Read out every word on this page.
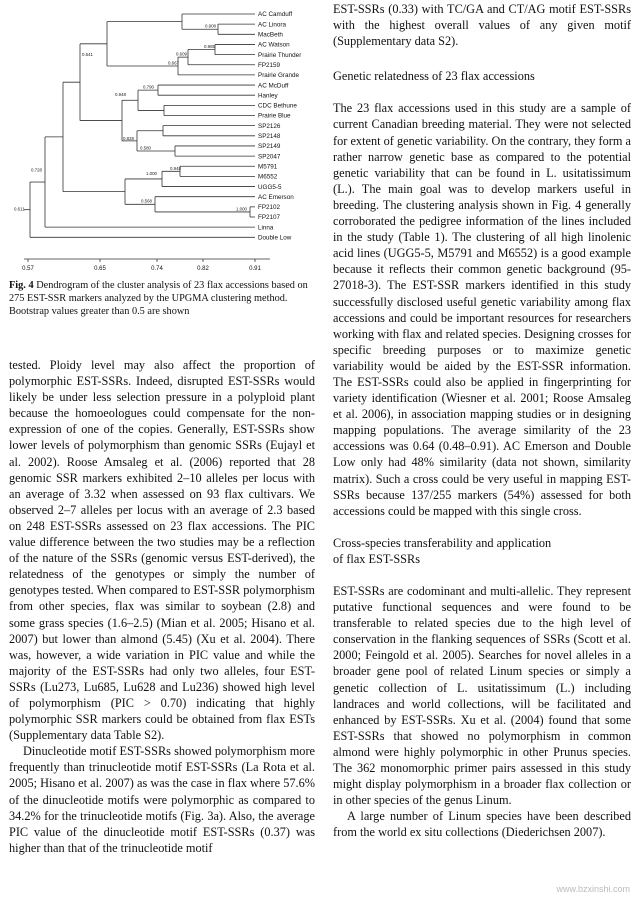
AC Camduff
AC Linora
MacBeth
AC Watson
Prairie Thunder
FP2159
Prairie Grande
AC McDuff
Hanley
CDC Bethune
Prairie Blue
SP2126
SP2148
SP2149
SP2047
M5791
M6552
UGG5-5
AC Emerson
FP2102
FP2107
Linna
Double Low
0.908
0.541
0.985
0.609
0.667
0.790
0.948
0.828
0.580
0.948
1.000
0.568
1.000
0.728
0.611
0.57	0.65	0.74	0.82	0.91
Fig. 4 Dendrogram of the cluster analysis of 23 flax accessions based on 275 EST-SSR markers analyzed by the UPGMA clustering method. Bootstrap values greater than 0.5 are shown

tested. Ploidy level may also affect the proportion of polymorphic EST-SSRs. Indeed, disrupted EST-SSRs would likely be under less selection pressure in a polyploid plant because the homoeologues could compensate for the non-expression of one of the copies. Generally, EST-SSRs show lower levels of polymorphism than genomic SSRs (Eujayl et al. 2002). Roose Amsaleg et al. (2006) reported that 28 genomic SSR markers exhibited 2–10 alleles per locus with an average of 3.32 when assessed on 93 flax cultivars. We observed 2–7 alleles per locus with an average of 2.3 based on 248 EST-SSRs assessed on 23 flax accessions. The PIC value difference between the two studies may be a reflection of the nature of the SSRs (genomic versus EST-derived), the relatedness of the genotypes or simply the number of genotypes tested. When compared to EST-SSR polymorphism from other species, flax was similar to soybean (2.8) and some grass species (1.6–2.5) (Mian et al. 2005; Hisano et al. 2007) but lower than almond (5.45) (Xu et al. 2004). There was, however, a wide variation in PIC value and while the majority of the EST-SSRs had only two alleles, four EST-SSRs (Lu273, Lu685, Lu628 and Lu236) showed high level of polymorphism (PIC > 0.70) indicating that highly polymorphic SSR markers could be obtained from flax ESTs (Supplementary data Table S2).

Dinucleotide motif EST-SSRs showed polymorphism more frequently than trinucleotide motif EST-SSRs (La Rota et al. 2005; Hisano et al. 2007) as was the case in flax where 57.6% of the dinucleotide motifs were polymorphic as compared to 34.2% for the trinucleotide motifs (Fig. 3a). Also, the average PIC value of the dinucleotide motif EST-SSRs (0.37) was higher than that of the trinucleotide motif

EST-SSRs (0.33) with TC/GA and CT/AG motif EST-SSRs with the highest overall values of any given motif (Supplementary data S2).

Genetic relatedness of 23 flax accessions

The 23 flax accessions used in this study are a sample of current Canadian breeding material. They were not selected for extent of genetic variability. On the contrary, they form a rather narrow genetic base as compared to the potential genetic variability that can be found in L. usitatissimum (L.). The main goal was to develop markers useful in breeding. The clustering analysis shown in Fig. 4 generally corroborated the pedigree information of the lines included in the study (Table 1). The clustering of all high linolenic acid lines (UGG5-5, M5791 and M6552) is a good example because it reflects their common genetic background (95-27018-3). The EST-SSR markers identified in this study successfully disclosed useful genetic variability among flax accessions and could be important resources for researchers working with flax and related species. Designing crosses for specific breeding purposes or to maximize genetic variability would be aided by the EST-SSR information. The EST-SSRs could also be applied in fingerprinting for variety identification (Wiesner et al. 2001; Roose Amsaleg et al. 2006), in association mapping studies or in designing mapping populations. The average similarity of the 23 accessions was 0.64 (0.48–0.91). AC Emerson and Double Low only had 48% similarity (data not shown, similarity matrix). Such a cross could be very useful in mapping EST-SSRs because 137/255 markers (54%) assessed for both accessions could be mapped with this single cross.

Cross-species transferability and application

of flax EST-SSRs

EST-SSRs are codominant and multi-allelic. They represent putative functional sequences and were found to be transferable to related species due to the high level of conservation in the flanking sequences of SSRs (Scott et al. 2000; Feingold et al. 2005). Searches for novel alleles in a broader gene pool of related Linum species or simply a genetic collection of L. usitatissimum (L.) including landraces and world collections, will be facilitated and enhanced by EST-SSRs. Xu et al. (2004) found that some EST-SSRs that showed no polymorphism in common almond were highly polymorphic in other Prunus species. The 362 monomorphic primer pairs assessed in this study might display polymorphism in a broader flax collection or in other species of the genus Linum.

A large number of Linum species have been described from the world ex situ collections (Diederichsen 2007).

www.bzxinshi.com
